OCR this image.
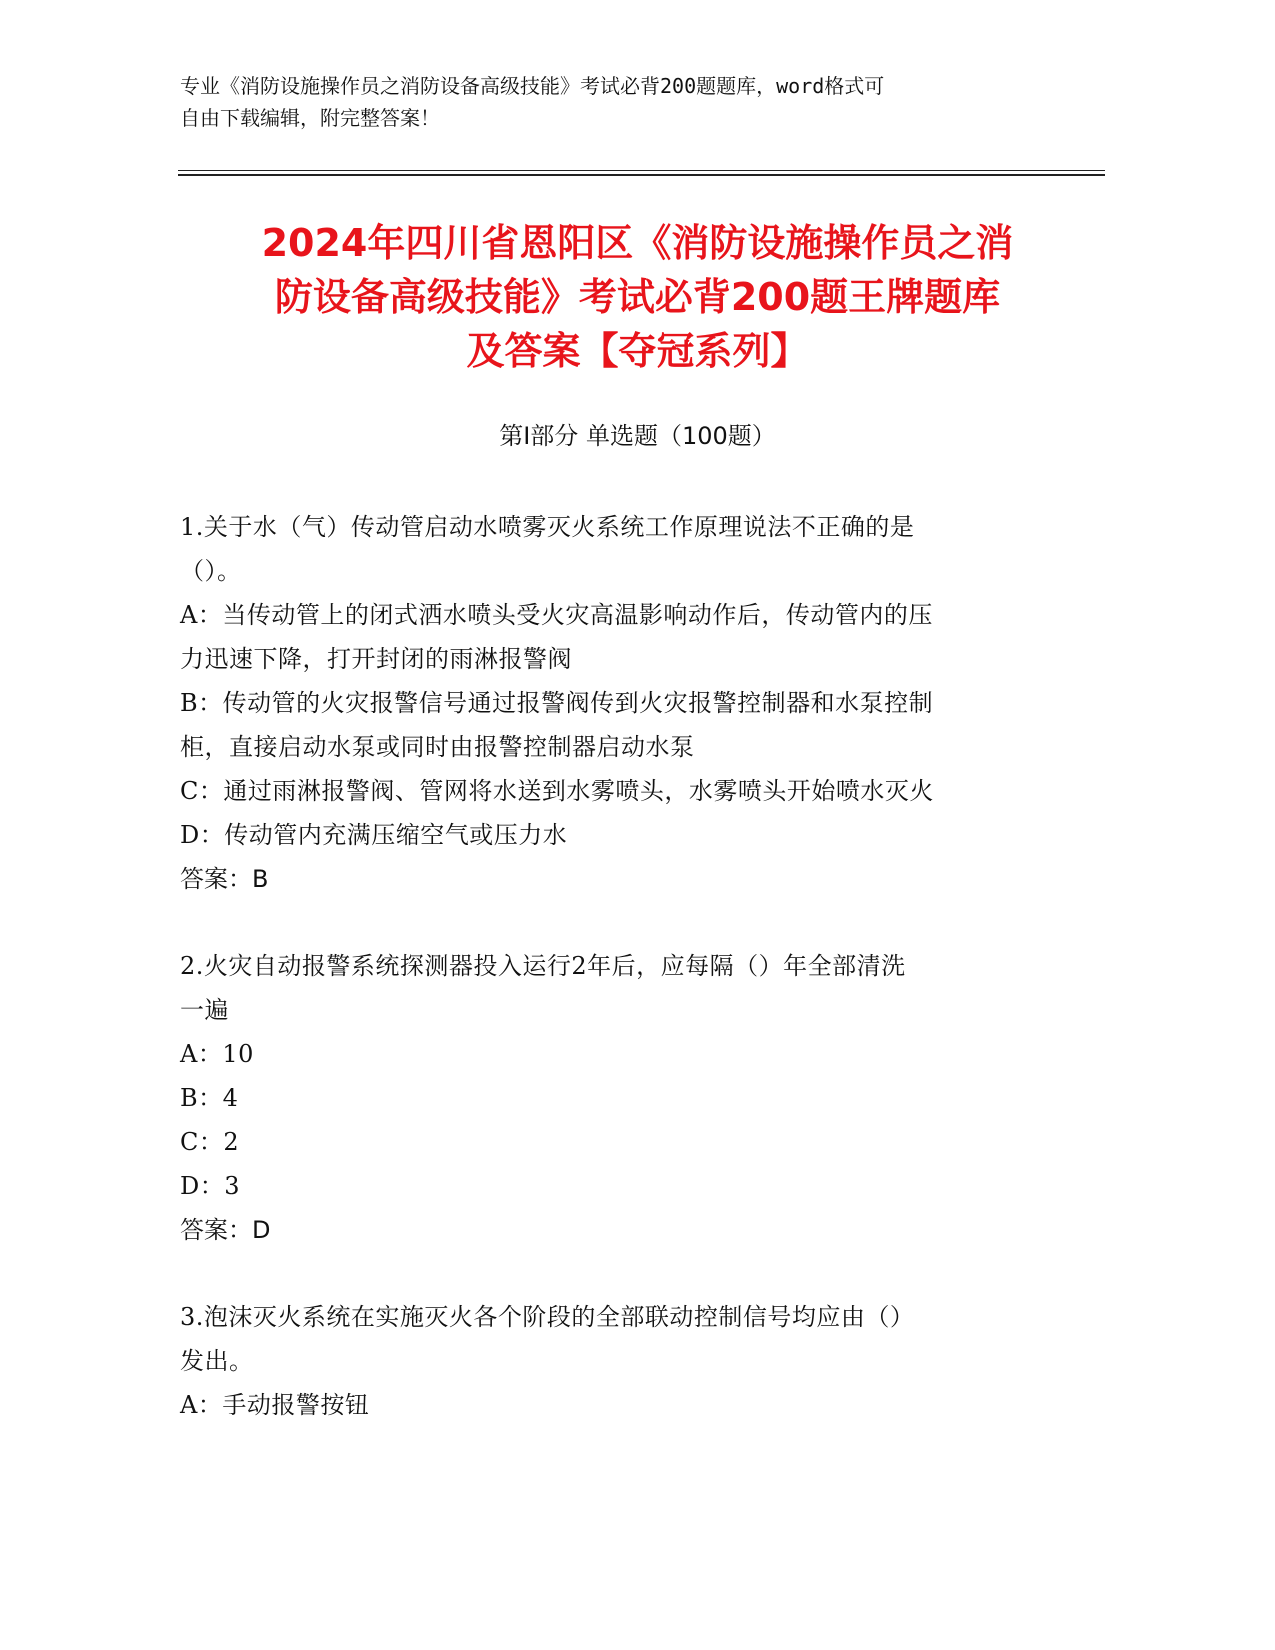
专业《消防设施操作员之消防设备高级技能》考试必背200题题库，word格式可
自由下载编辑，附完整答案！
2024年四川省恩阳区《消防设施操作员之消
防设备高级技能》考试必背200题王牌题库
及答案【夺冠系列】
第I部分 单选题（100题）
1.关于水（气）传动管启动水喷雾灭火系统工作原理说法不正确的是
（）。
A：当传动管上的闭式洒水喷头受火灾高温影响动作后，传动管内的压
力迅速下降，打开封闭的雨淋报警阀
B：传动管的火灾报警信号通过报警阀传到火灾报警控制器和水泵控制
柜，直接启动水泵或同时由报警控制器启动水泵
C：通过雨淋报警阀、管网将水送到水雾喷头，水雾喷头开始喷水灭火
D：传动管内充满压缩空气或压力水
答案：B
2.火灾自动报警系统探测器投入运行2年后，应每隔（）年全部清洗
一遍
A：10
B：4
C：2
D：3
答案：D
3.泡沫灭火系统在实施灭火各个阶段的全部联动控制信号均应由（）
发出。
A：手动报警按钮
